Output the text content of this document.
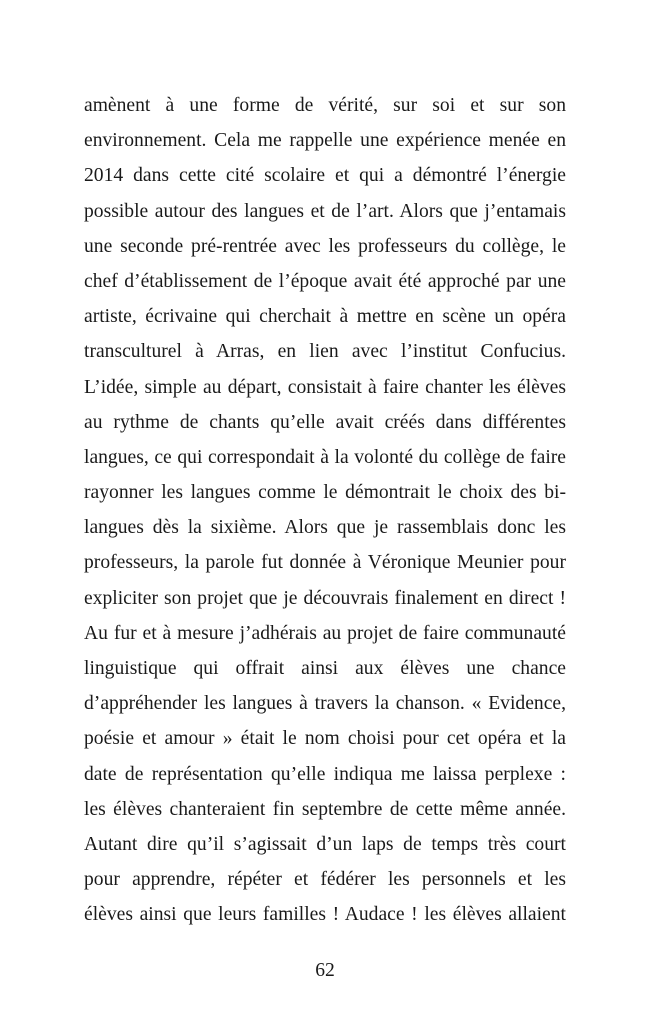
amènent à une forme de vérité, sur soi et sur son
environnement. Cela me rappelle une expérience menée en
2014 dans cette cité scolaire et qui a démontré l’énergie
possible autour des langues et de l’art. Alors que j’entamais
une seconde pré-rentrée avec les professeurs du collège, le
chef d’établissement de l’époque avait été approché par une
artiste, écrivaine qui cherchait à mettre en scène un opéra
transculturel à Arras, en lien avec l’institut Confucius.
L’idée, simple au départ, consistait à faire chanter les élèves
au rythme de chants qu’elle avait créés dans différentes
langues, ce qui correspondait à la volonté du collège de faire
rayonner les langues comme le démontrait le choix des bi-
langues dès la sixième. Alors que je rassemblais donc les
professeurs, la parole fut donnée à Véronique Meunier pour
expliciter son projet que je découvrais finalement en direct !
Au fur et à mesure j’adhérais au projet de faire communauté
linguistique qui offrait ainsi aux élèves une chance
d’appréhender les langues à travers la chanson. « Evidence,
poésie et amour » était le nom choisi pour cet opéra et la
date de représentation qu’elle indiqua me laissa perplexe :
les élèves chanteraient fin septembre de cette même année.
Autant dire qu’il s’agissait d’un laps de temps très court
pour apprendre, répéter et fédérer les personnels et les
élèves ainsi que leurs familles ! Audace ! les élèves allaient
62
